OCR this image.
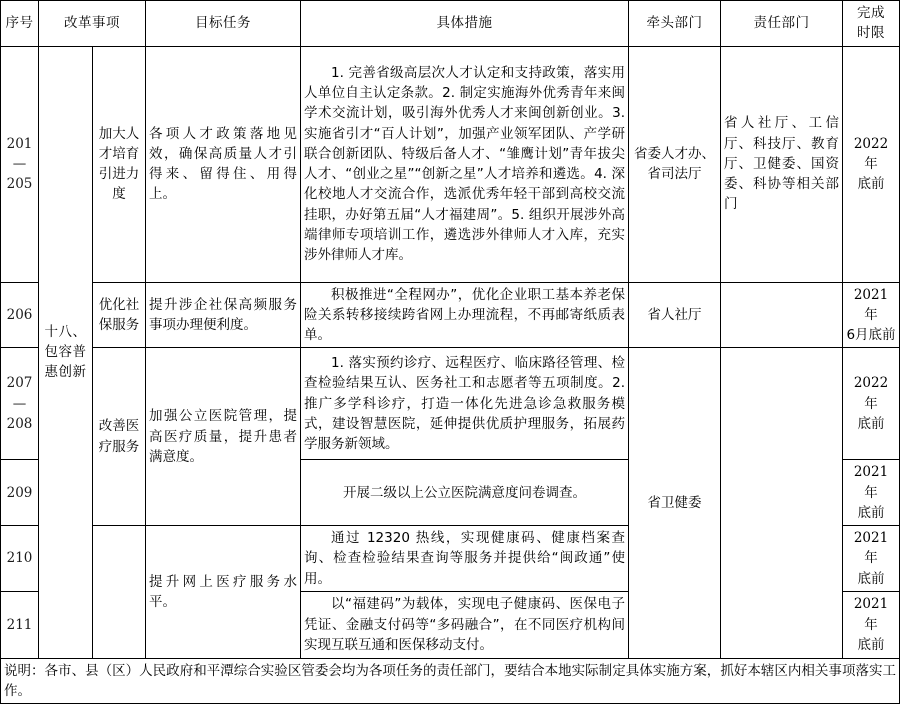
序号	改革事项		目标任务	具体措施	牵头部门	责任部门	完成
时限
201
—
205	十八、包容普惠创新	加大人才培育引进力度	各项人才政策落地见效，确保高质量人才引得来、留得住、用得上。	1. 完善省级高层次人才认定和支持政策，落实用人单位自主认定条款。2. 制定实施海外优秀青年来闽学术交流计划，吸引海外优秀人才来闽创新创业。3. 实施省引才“百人计划”，加强产业领军团队、产学研联合创新团队、特级后备人才、“雏鹰计划”青年拔尖人才、“创业之星”“创新之星”人才培养和遴选。4. 深化校地人才交流合作，选派优秀年轻干部到高校交流挂职，办好第五届“人才福建周”。5. 组织开展涉外高端律师专项培训工作，遴选涉外律师人才入库，充实涉外律师人才库。	省委人才办、省司法厅	省人社厅、工信厅、科技厅、教育厅、卫健委、国资委、科协等相关部门	2022 年
底前
206		优化社保服务	提升涉企社保高频服务事项办理便利度。	积极推进“全程网办”，优化企业职工基本养老保险关系转移接续跨省网上办理流程，不再邮寄纸质表单。	省人社厅		2021 年
6月底前
207
—
208		改善医疗服务	加强公立医院管理，提高医疗质量，提升患者满意度。	1. 落实预约诊疗、远程医疗、临床路径管理、检查检验结果互认、医务社工和志愿者等五项制度。2. 推广多学科诊疗，打造一体化先进急诊急救服务模式，建设智慧医院，延伸提供优质护理服务，拓展药学服务新领域。	省卫健委		2022 年
底前
209				开展二级以上公立医院满意度问卷调查。			2021 年
底前
210			提升网上医疗服务水平。	通过 12320 热线，实现健康码、健康档案查询、检查检验结果查询等服务并提供给“闽政通”使用。			2021 年
底前
211				以“福建码”为载体，实现电子健康码、医保电子凭证、金融支付码等“多码融合”，在不同医疗机构间实现互联互通和医保移动支付。			2021 年
底前
说明：各市、县（区）人民政府和平潭综合实验区管委会均为各项任务的责任部门，要结合本地实际制定具体实施方案，抓好本辖区内相关事项落实工作。							
